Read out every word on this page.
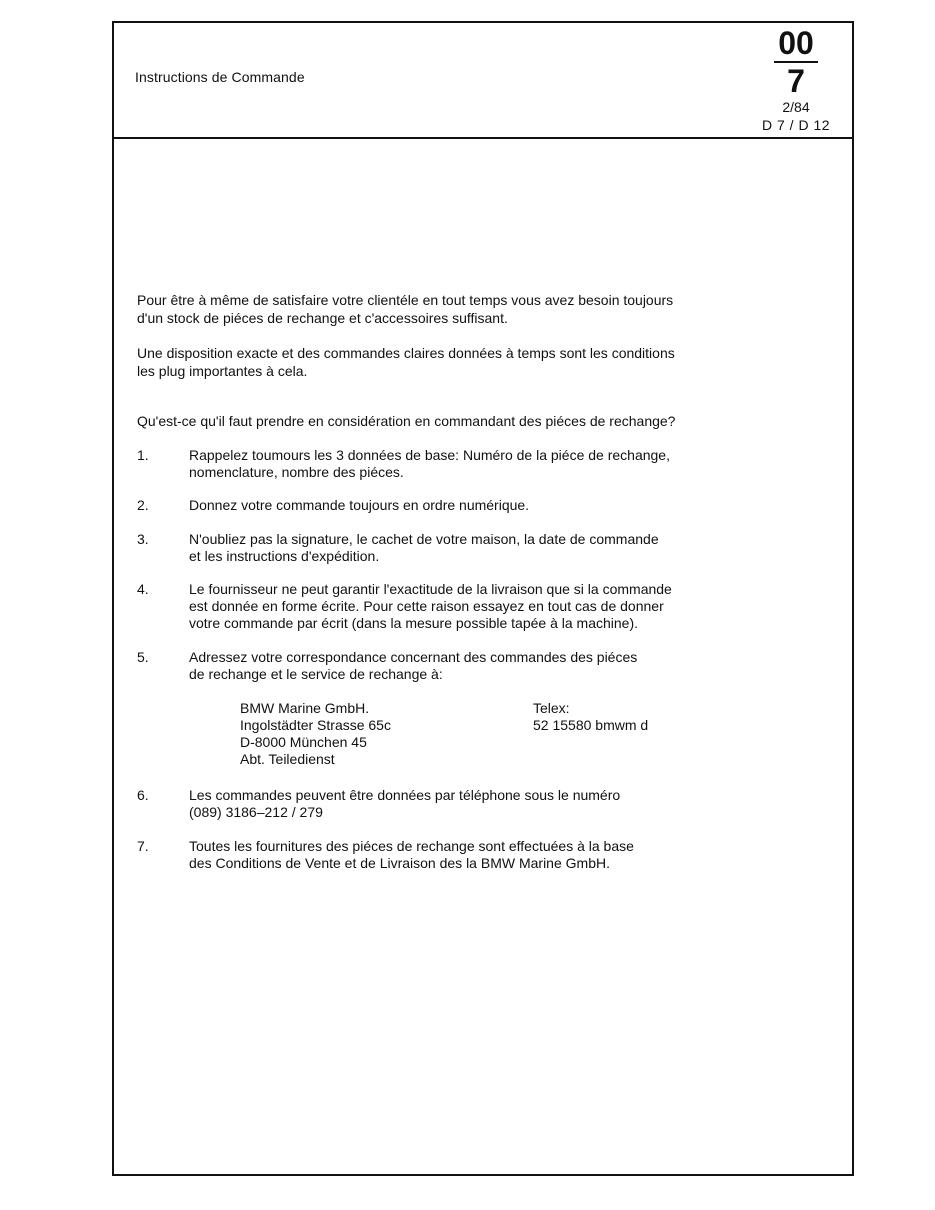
Instructions de Commande
00
7
2/84
D 7 / D 12
Pour être à même de satisfaire votre clientéle en tout temps vous avez besoin toujours
d'un stock de piéces de rechange et c'accessoires suffisant.
Une disposition exacte et des commandes claires données à temps sont les conditions
les plug importantes à cela.
Qu'est-ce qu'il faut prendre en considération en commandant des piéces de rechange?
1.	Rappelez toumours les 3 données de base: Numéro de la piéce de rechange,
nomenclature, nombre des piéces.
2.	Donnez votre commande toujours en ordre numérique.
3.	N'oubliez pas la signature, le cachet de votre maison, la date de commande
et les instructions d'expédition.
4.	Le fournisseur ne peut garantir l'exactitude de la livraison que si la commande
est donnée en forme écrite. Pour cette raison essayez en tout cas de donner
votre commande par écrit (dans la mesure possible tapée à la machine).
5.	Adressez votre correspondance concernant des commandes des piéces
de rechange et le service de rechange à:
BMW Marine GmbH.
Ingolstädter Strasse 65c
D-8000 München 45
Abt. Teiledienst
Telex:
52 15580 bmwm d
6.	Les commandes peuvent être données par téléphone sous le numéro
(089) 3186–212 / 279
7.	Toutes les fournitures des piéces de rechange sont effectuées à la base
des Conditions de Vente et de Livraison des la BMW Marine GmbH.
